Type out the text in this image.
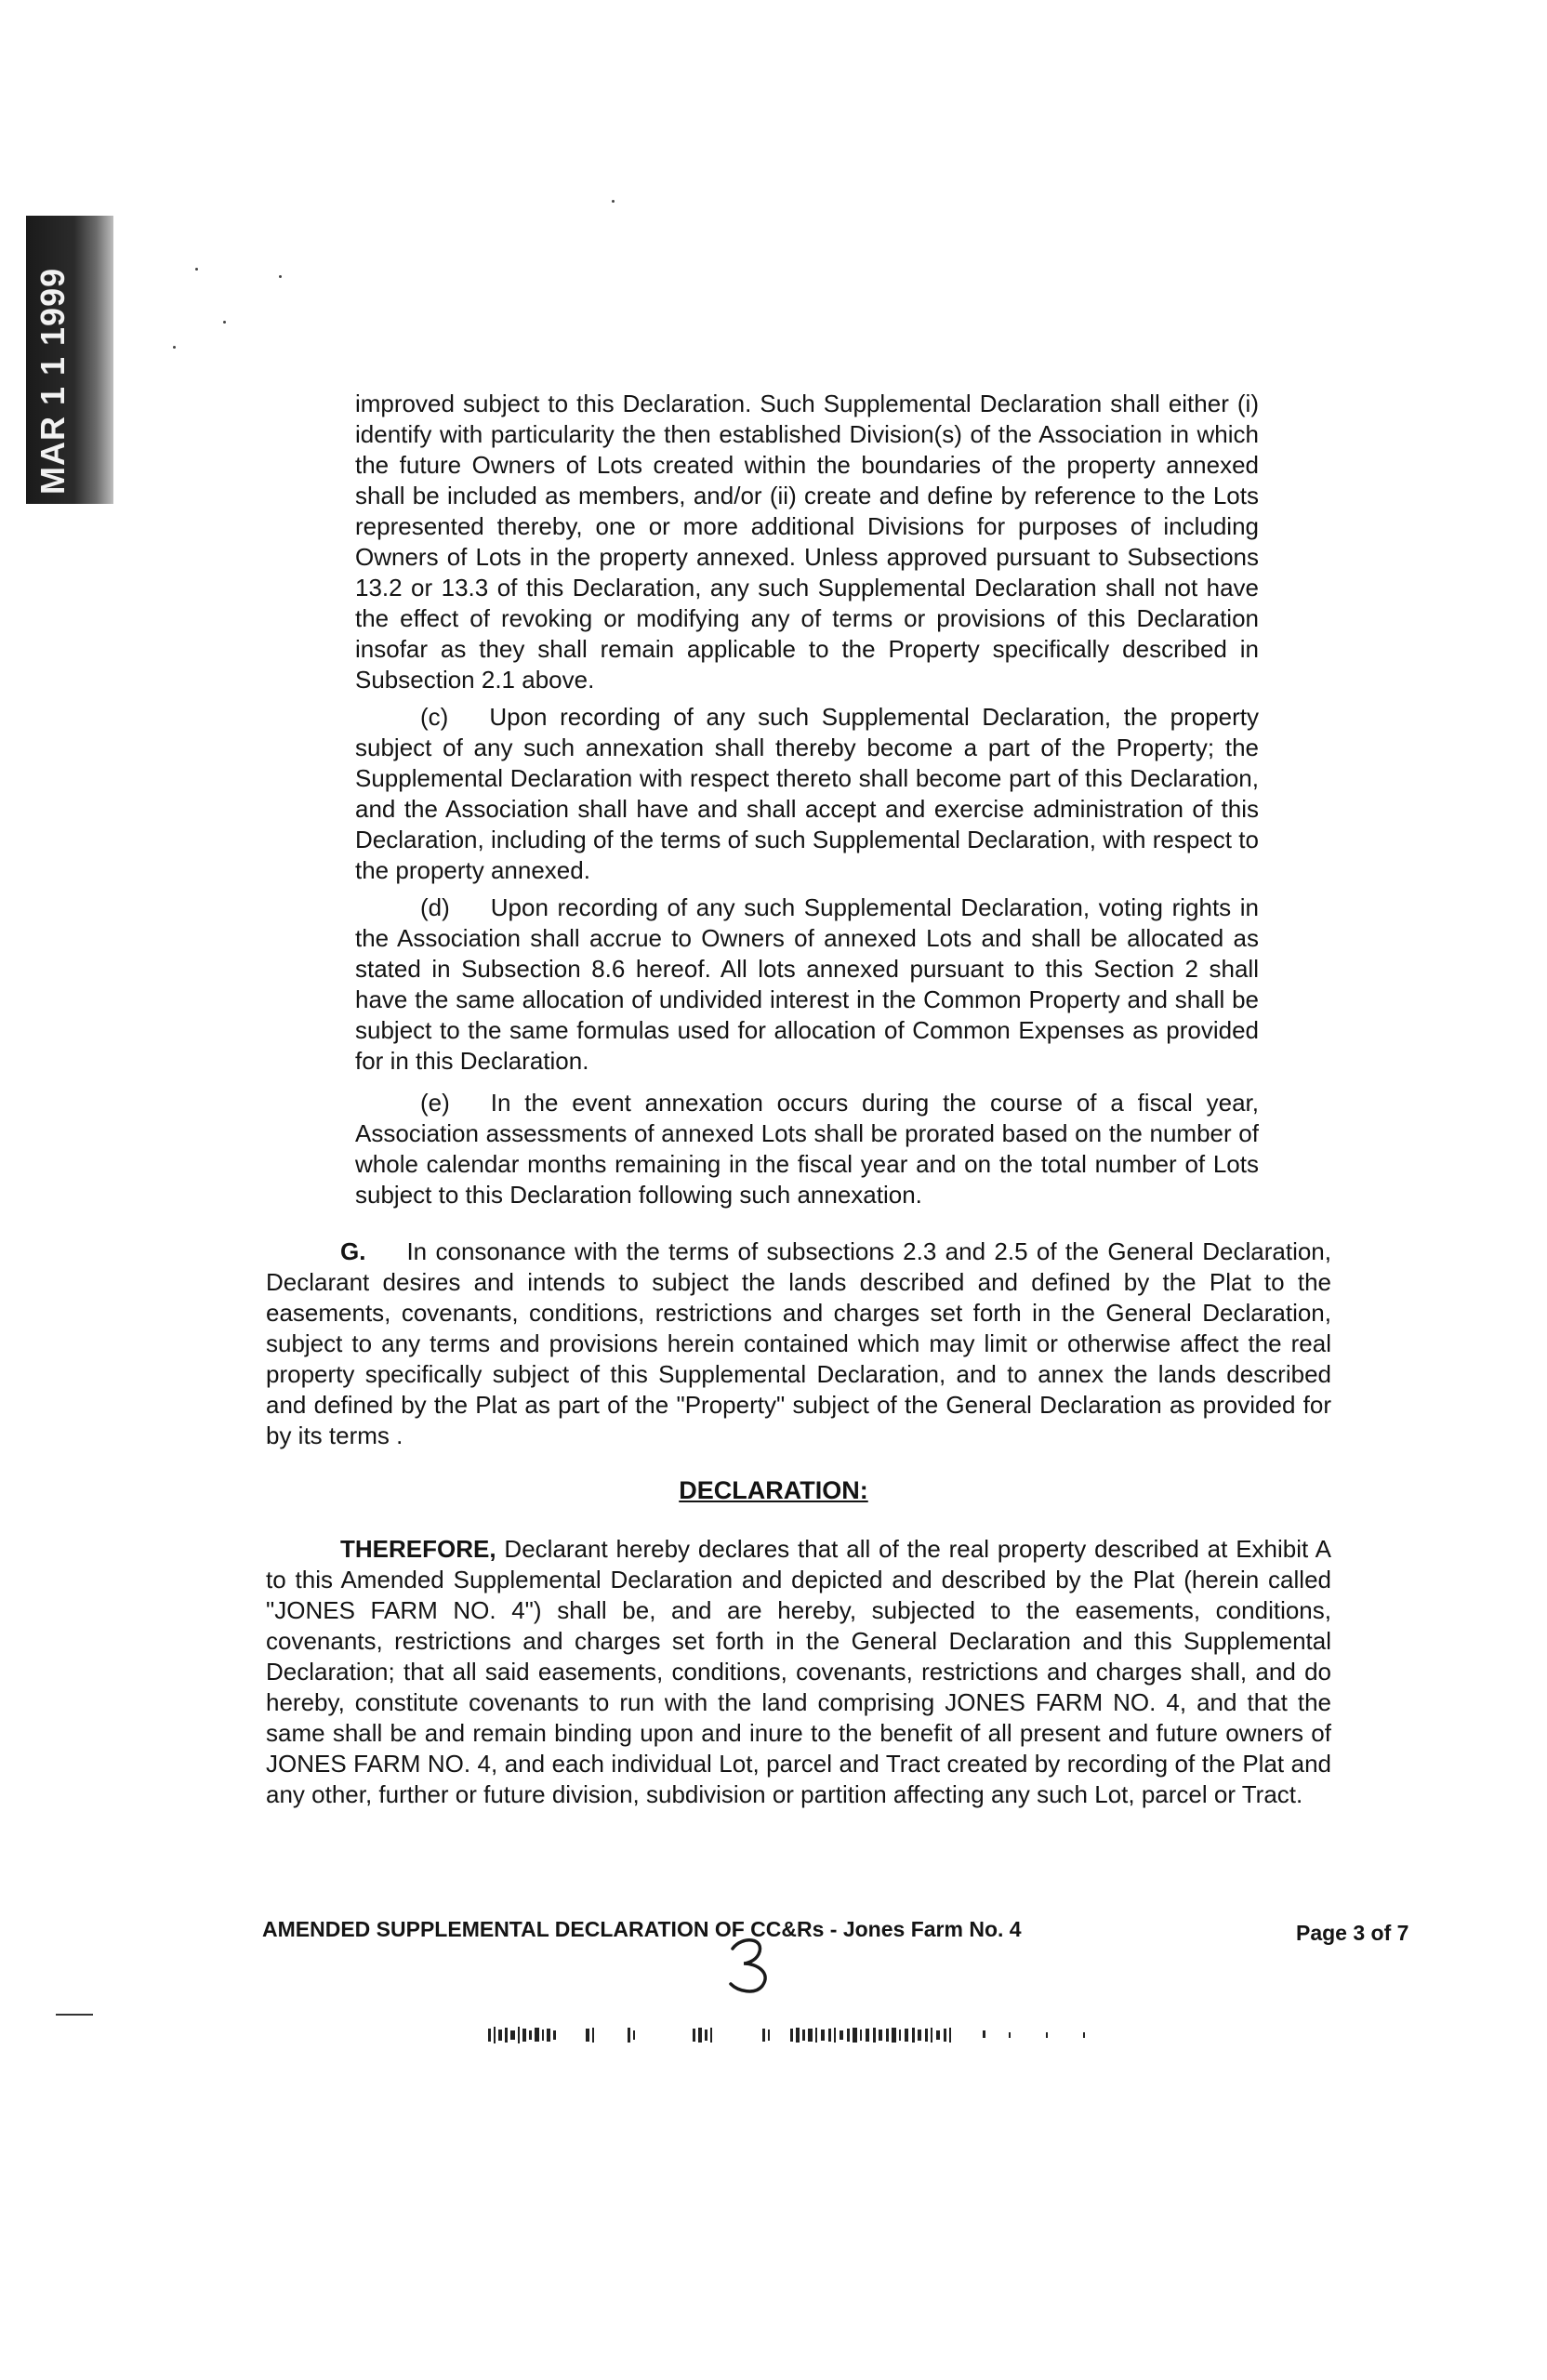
MAR 1 1 1999	improved subject to this Declaration. Such Supplemental Declaration shall either (i) identify with particularity the then established Division(s) of the Association in which the future Owners of Lots created within the boundaries of the property annexed shall be included as members, and/or (ii) create and define by reference to the Lots represented thereby, one or more additional Divisions for purposes of including Owners of Lots in the property annexed. Unless approved pursuant to Subsections 13.2 or 13.3 of this Declaration, any such Supplemental Declaration shall not have the effect of revoking or modifying any of terms or provisions of this Declaration insofar as they shall remain applicable to the Property specifically described in Subsection 2.1 above.
(c) Upon recording of any such Supplemental Declaration, the property subject of any such annexation shall thereby become a part of the Property; the Supplemental Declaration with respect thereto shall become part of this Declaration, and the Association shall have and shall accept and exercise administration of this Declaration, including of the terms of such Supplemental Declaration, with respect to the property annexed.
(d) Upon recording of any such Supplemental Declaration, voting rights in the Association shall accrue to Owners of annexed Lots and shall be allocated as stated in Subsection 8.6 hereof. All lots annexed pursuant to this Section 2 shall have the same allocation of undivided interest in the Common Property and shall be subject to the same formulas used for allocation of Common Expenses as provided for in this Declaration.
(e) In the event annexation occurs during the course of a fiscal year, Association assessments of annexed Lots shall be prorated based on the number of whole calendar months remaining in the fiscal year and on the total number of Lots subject to this Declaration following such annexation.
G. In consonance with the terms of subsections 2.3 and 2.5 of the General Declaration, Declarant desires and intends to subject the lands described and defined by the Plat to the easements, covenants, conditions, restrictions and charges set forth in the General Declaration, subject to any terms and provisions herein contained which may limit or otherwise affect the real property specifically subject of this Supplemental Declaration, and to annex the lands described and defined by the Plat as part of the "Property" subject of the General Declaration as provided for by its terms .
DECLARATION:
THEREFORE, Declarant hereby declares that all of the real property described at Exhibit A to this Amended Supplemental Declaration and depicted and described by the Plat (herein called "JONES FARM NO. 4") shall be, and are hereby, subjected to the easements, conditions, covenants, restrictions and charges set forth in the General Declaration and this Supplemental Declaration; that all said easements, conditions, covenants, restrictions and charges shall, and do hereby, constitute covenants to run with the land comprising JONES FARM NO. 4, and that the same shall be and remain binding upon and inure to the benefit of all present and future owners of JONES FARM NO. 4, and each individual Lot, parcel and Tract created by recording of the Plat and any other, further or future division, subdivision or partition affecting any such Lot, parcel or Tract.
AMENDED SUPPLEMENTAL DECLARATION OF CC&Rs - Jones Farm No. 4	Page 3 of 7
